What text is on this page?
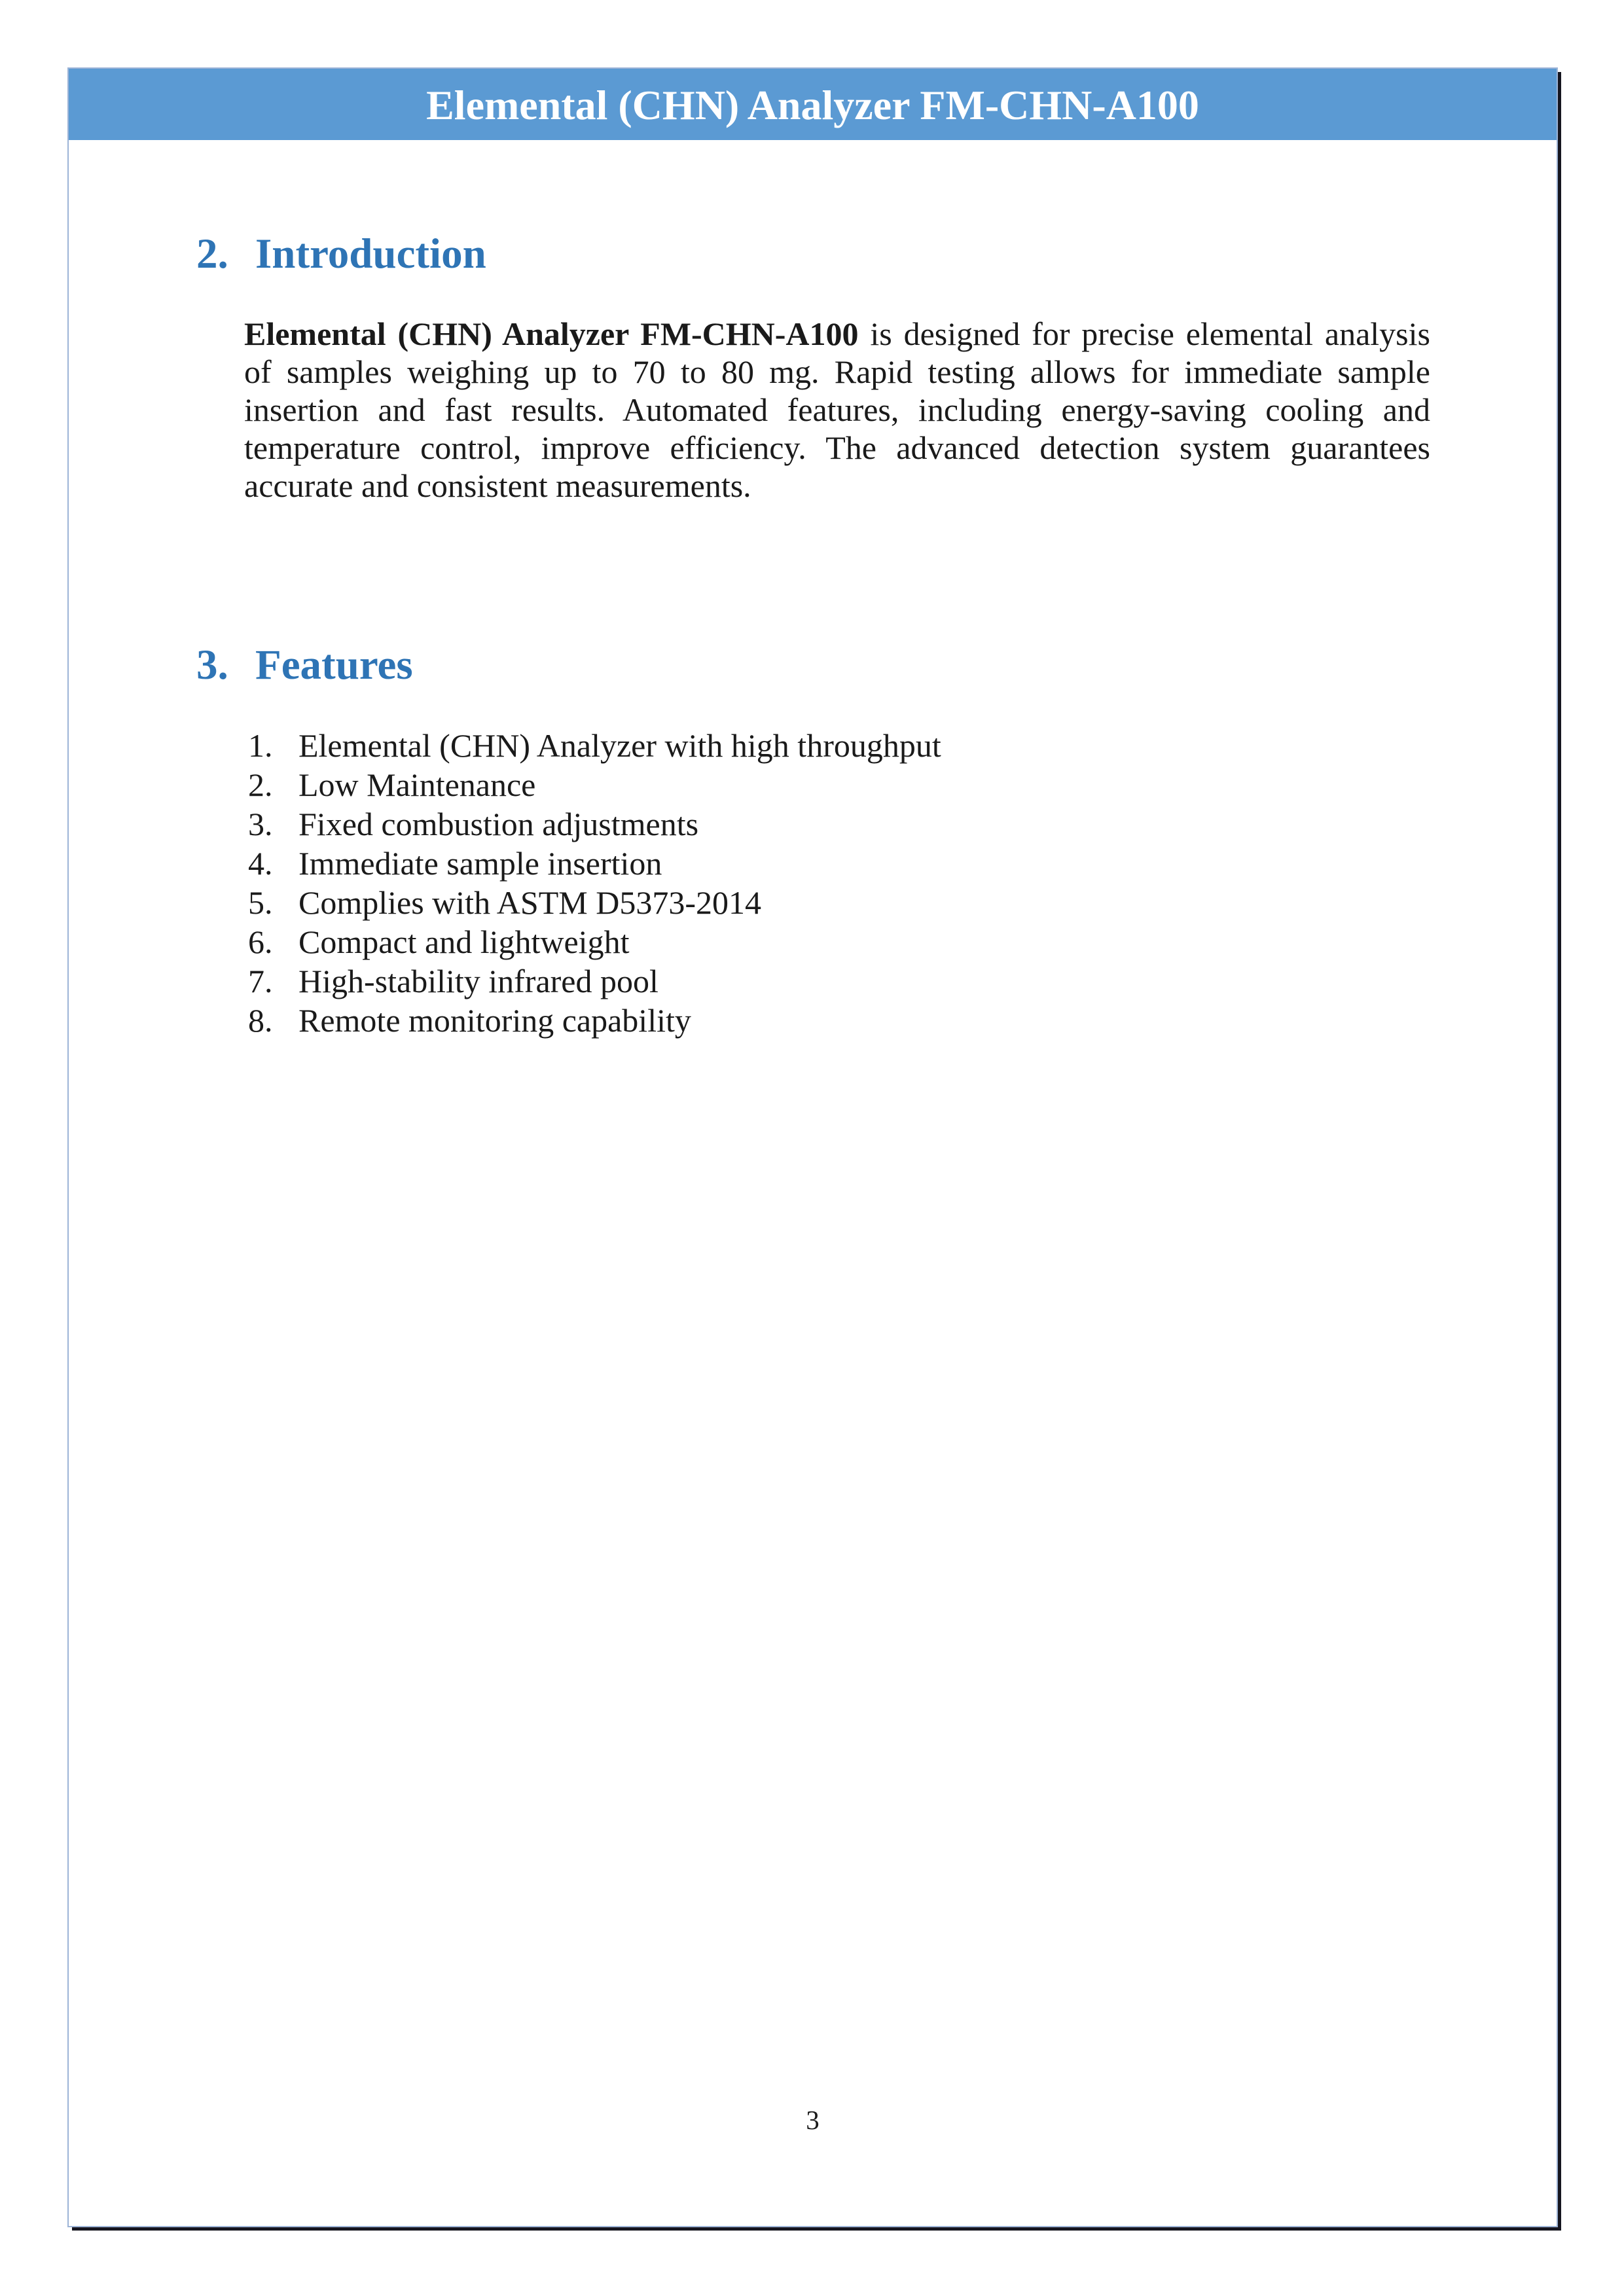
Elemental (CHN) Analyzer FM-CHN-A100
2. Introduction

Elemental (CHN) Analyzer FM-CHN-A100 is designed for precise elemental analysis of samples weighing up to 70 to 80 mg. Rapid testing allows for immediate sample insertion and fast results. Automated features, including energy-saving cooling and temperature control, improve efficiency. The advanced detection system guarantees accurate and consistent measurements.

3. Features
1. Elemental (CHN) Analyzer with high throughput
2. Low Maintenance
3. Fixed combustion adjustments
4. Immediate sample insertion
5. Complies with ASTM D5373-2014
6. Compact and lightweight
7. High-stability infrared pool
8. Remote monitoring capability
3
